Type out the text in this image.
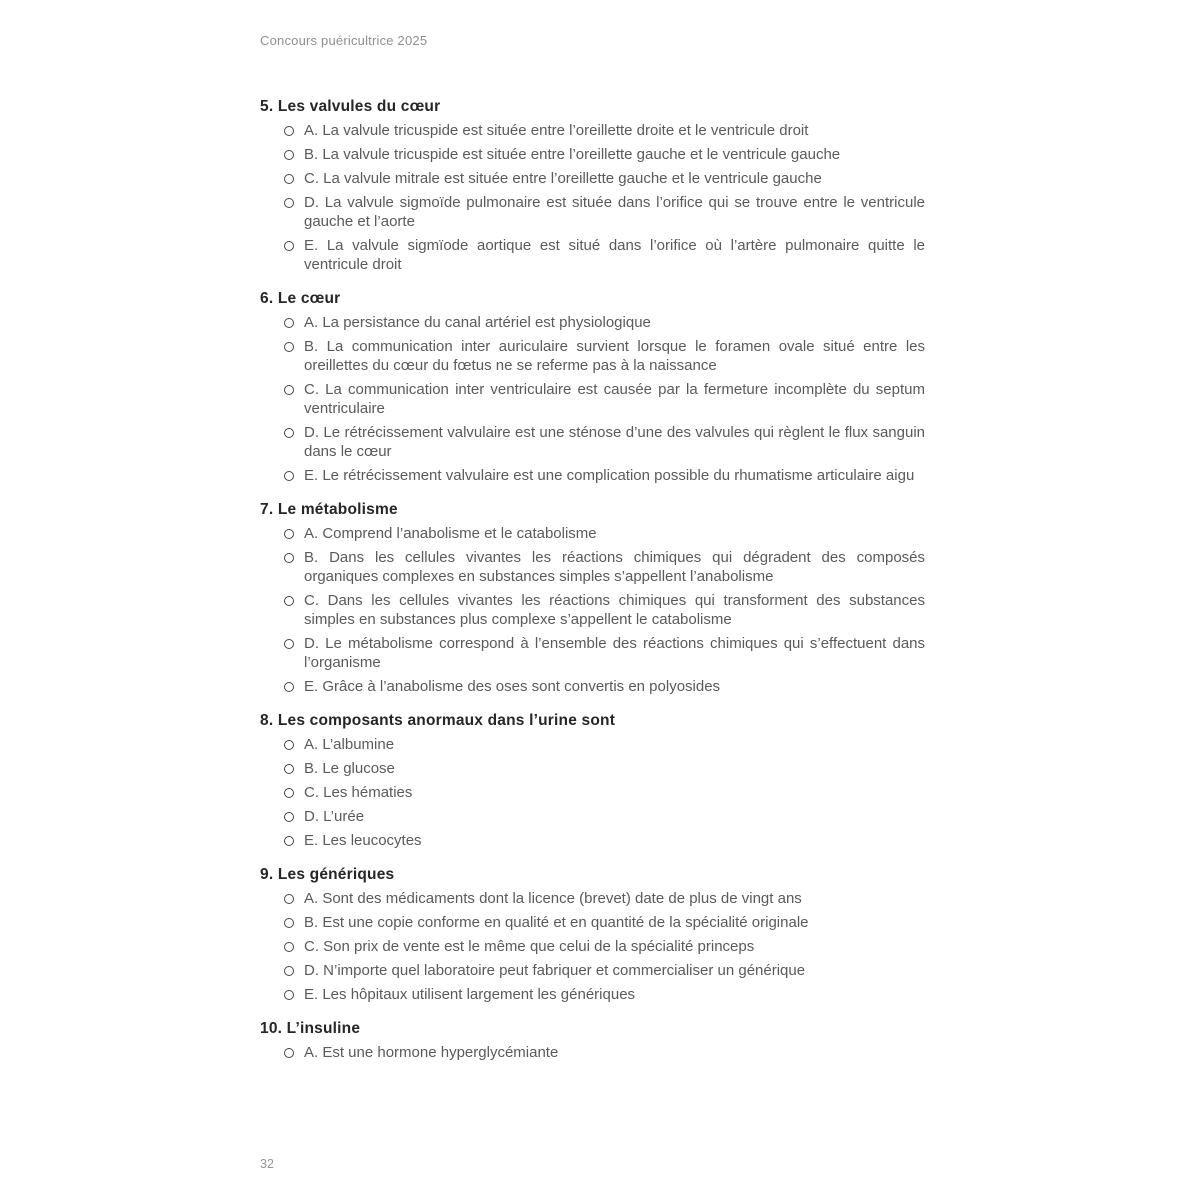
Concours puéricultrice 2025
5. Les valvules du cœur
A. La valvule tricuspide est située entre l’oreillette droite et le ventricule droit
B. La valvule tricuspide est située entre l’oreillette gauche et le ventricule gauche
C. La valvule mitrale est située entre l’oreillette gauche et le ventricule gauche
D. La valvule sigmoïde pulmonaire est située dans l’orifice qui se trouve entre le ventricule gauche et l’aorte
E. La valvule sigmïode aortique est situé dans l’orifice où l’artère pulmonaire quitte le ventricule droit
6. Le cœur
A. La persistance du canal artériel est physiologique
B. La communication inter auriculaire survient lorsque le foramen ovale situé entre les oreillettes du cœur du fœtus ne se referme pas à la naissance
C. La communication inter ventriculaire est causée par la fermeture incomplète du septum ventriculaire
D. Le rétrécissement valvulaire est une sténose d’une des valvules qui règlent le flux sanguin dans le cœur
E. Le rétrécissement valvulaire est une complication possible du rhumatisme articulaire aigu
7. Le métabolisme
A. Comprend l’anabolisme et le catabolisme
B. Dans les cellules vivantes les réactions chimiques qui dégradent des composés organiques complexes en substances simples s’appellent l’anabolisme
C. Dans les cellules vivantes les réactions chimiques qui transforment des substances simples en substances plus complexe s’appellent le catabolisme
D. Le métabolisme correspond à l’ensemble des réactions chimiques qui s’effectuent dans l’organisme
E. Grâce à l’anabolisme des oses sont convertis en polyosides
8. Les composants anormaux dans l’urine sont
A. L’albumine
B. Le glucose
C. Les hématies
D. L’urée
E. Les leucocytes
9. Les génériques
A. Sont des médicaments dont la licence (brevet) date de plus de vingt ans
B. Est une copie conforme en qualité et en quantité de la spécialité originale
C. Son prix de vente est le même que celui de la spécialité princeps
D. N’importe quel laboratoire peut fabriquer et commercialiser un générique
E. Les hôpitaux utilisent largement les génériques
10. L’insuline
A. Est une hormone hyperglycémiante
32
